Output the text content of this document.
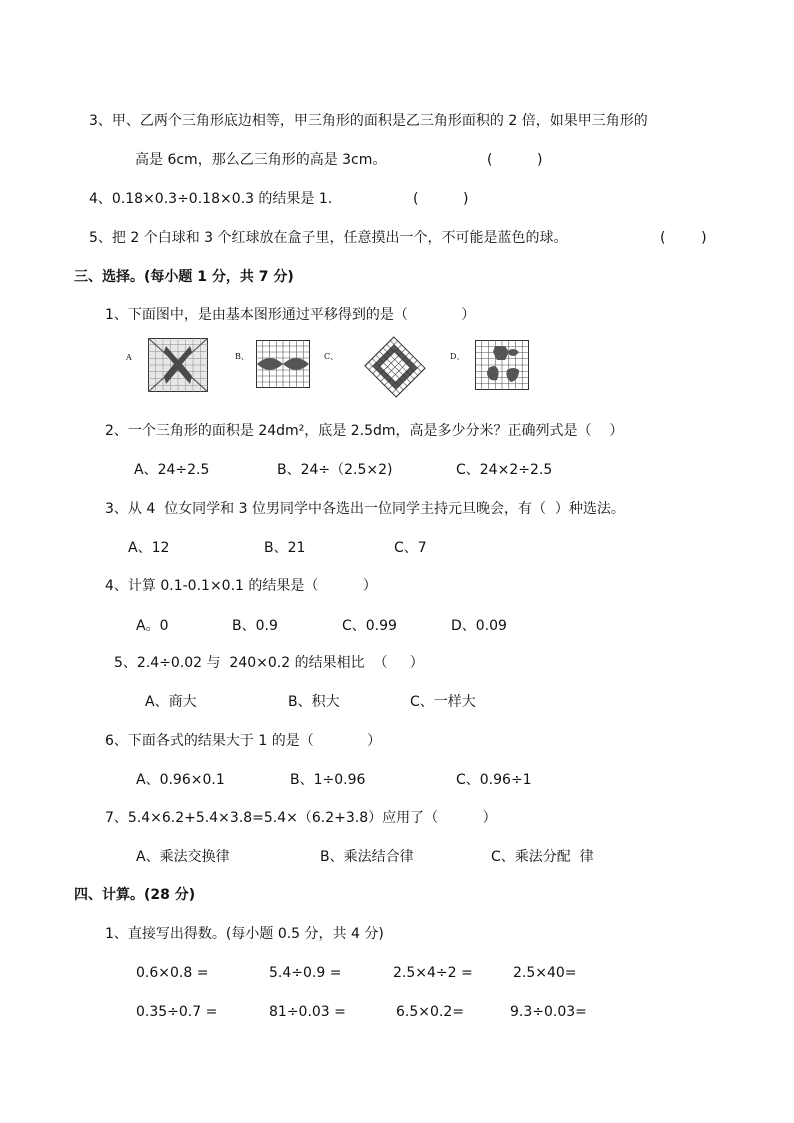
3、甲、乙两个三角形底边相等，甲三角形的面积是乙三角形面积的 2 倍，如果甲三角形的
高是 6cm，那么乙三角形的高是 3cm。	(          )
4、0.18×0.3÷0.18×0.3 的结果是 1.	(          )
5、把 2 个白球和 3 个红球放在盒子里，任意摸出一个，不可能是蓝色的球。	(        )
三、选择。(每小题 1 分，共 7 分)
1、下面图中，是由基本图形通过平移得到的是（            ）
A	B、	C、	D、
2、一个三角形的面积是 24dm²，底是 2.5dm，高是多少分米？正确列式是（    ）
A、24÷2.5	B、24÷（2.5×2)	C、24×2÷2.5
3、从 4  位女同学和 3 位男同学中各选出一位同学主持元旦晚会，有（  ）种选法。
A、12	B、21	C、7
4、计算 0.1-0.1×0.1 的结果是（          ）
A。0	B、0.9	C、0.99	D、0.09
5、2.4÷0.02 与  240×0.2 的结果相比  （     ）
A、商大	B、积大	C、一样大
6、下面各式的结果大于 1 的是（            ）
A、0.96×0.1	B、1÷0.96	C、0.96÷1
7、5.4×6.2+5.4×3.8=5.4×（6.2+3.8）应用了（          ）
A、乘法交换律	B、乘法结合律	C、乘法分配  律
四、计算。(28 分)
1、直接写出得数。(每小题 0.5 分，共 4 分)
0.6×0.8 =	5.4÷0.9 =	2.5×4÷2 =	2.5×40=
0.35÷0.7 =	81÷0.03 =	6.5×0.2=	9.3÷0.03=
